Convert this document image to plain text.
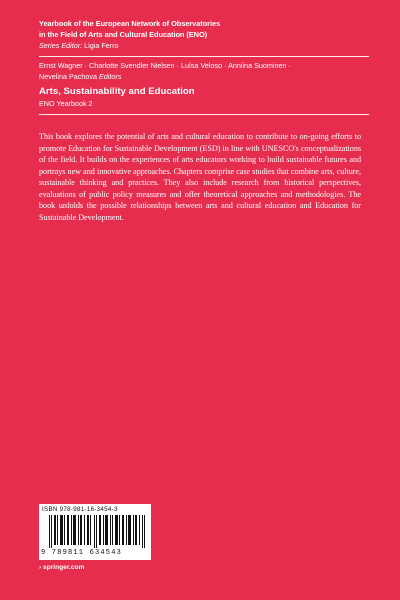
Yearbook of the European Network of Observatories

in the Field of Arts and Cultural Education (ENO)

Series Editor: Ligia Ferro

Ernst Wagner · Charlotte Svendler Nielsen · Luísa Veloso · Anniina Suominen ·
Nevelina Pachova Editors

Arts, Sustainability and Education

ENO Yearbook 2

This book explores the potential of arts and cultural education to contribute to on-going efforts to promote Education for Sustainable Development (ESD) in line with UNESCO's conceptualizations of the field. It builds on the experiences of arts educators working to build sustainable futures and portrays new and innovative approaches. Chapters comprise case studies that combine arts, culture, sustainable thinking and practices. They also include research from historical perspectives, evaluations of public policy measures and offer theoretical approaches and methodologies. The book unfolds the possible relationships between arts and cultural education and Education for Sustainable Development.

ISBN 978-981-16-3454-3
9 789811 634543
› springer.com
